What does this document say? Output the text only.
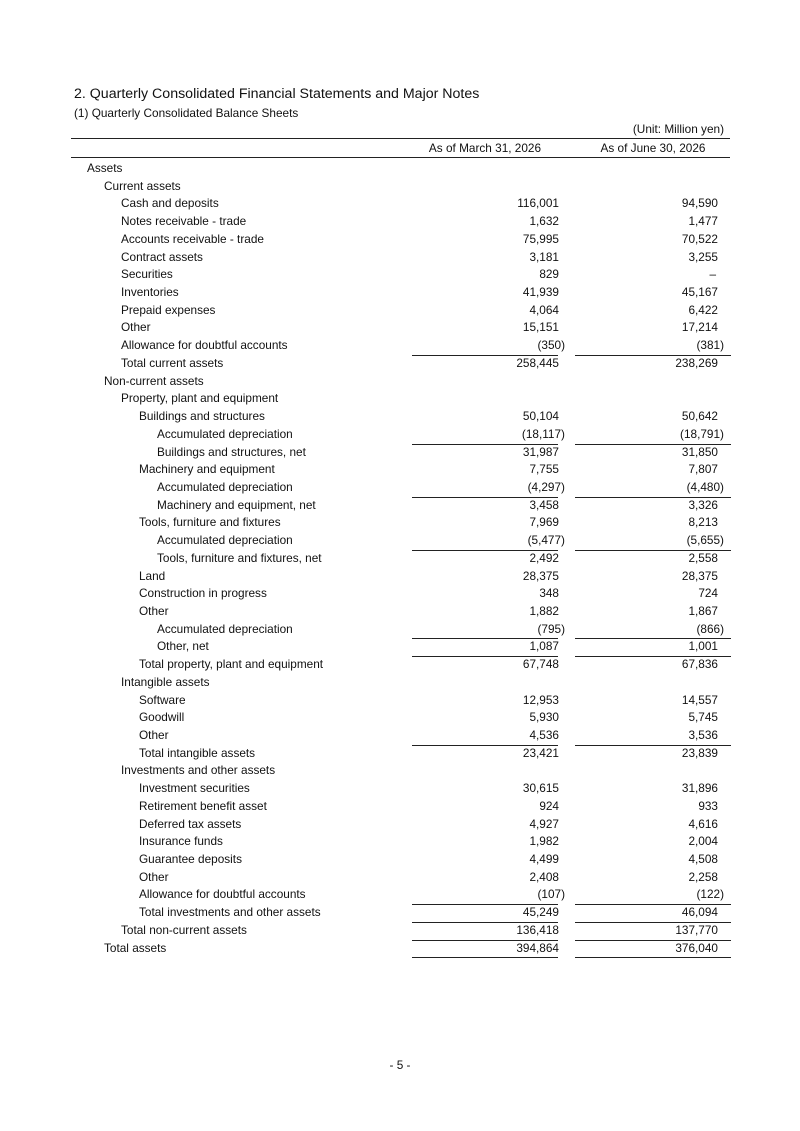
2. Quarterly Consolidated Financial Statements and Major Notes
(1) Quarterly Consolidated Balance Sheets
(Unit: Million yen)
As of March 31, 2026	As of June 30, 2026
Assets
Current assets
Cash and deposits	116,001	94,590
Notes receivable - trade	1,632	1,477
Accounts receivable - trade	75,995	70,522
Contract assets	3,181	3,255
Securities	829	–
Inventories	41,939	45,167
Prepaid expenses	4,064	6,422
Other	15,151	17,214
Allowance for doubtful accounts	(350)	(381)
Total current assets	258,445	238,269
Non-current assets
Property, plant and equipment
Buildings and structures	50,104	50,642
Accumulated depreciation	(18,117)	(18,791)
Buildings and structures, net	31,987	31,850
Machinery and equipment	7,755	7,807
Accumulated depreciation	(4,297)	(4,480)
Machinery and equipment, net	3,458	3,326
Tools, furniture and fixtures	7,969	8,213
Accumulated depreciation	(5,477)	(5,655)
Tools, furniture and fixtures, net	2,492	2,558
Land	28,375	28,375
Construction in progress	348	724
Other	1,882	1,867
Accumulated depreciation	(795)	(866)
Other, net	1,087	1,001
Total property, plant and equipment	67,748	67,836
Intangible assets
Software	12,953	14,557
Goodwill	5,930	5,745
Other	4,536	3,536
Total intangible assets	23,421	23,839
Investments and other assets
Investment securities	30,615	31,896
Retirement benefit asset	924	933
Deferred tax assets	4,927	4,616
Insurance funds	1,982	2,004
Guarantee deposits	4,499	4,508
Other	2,408	2,258
Allowance for doubtful accounts	(107)	(122)
Total investments and other assets	45,249	46,094
Total non-current assets	136,418	137,770
Total assets	394,864	376,040
- 5 -
